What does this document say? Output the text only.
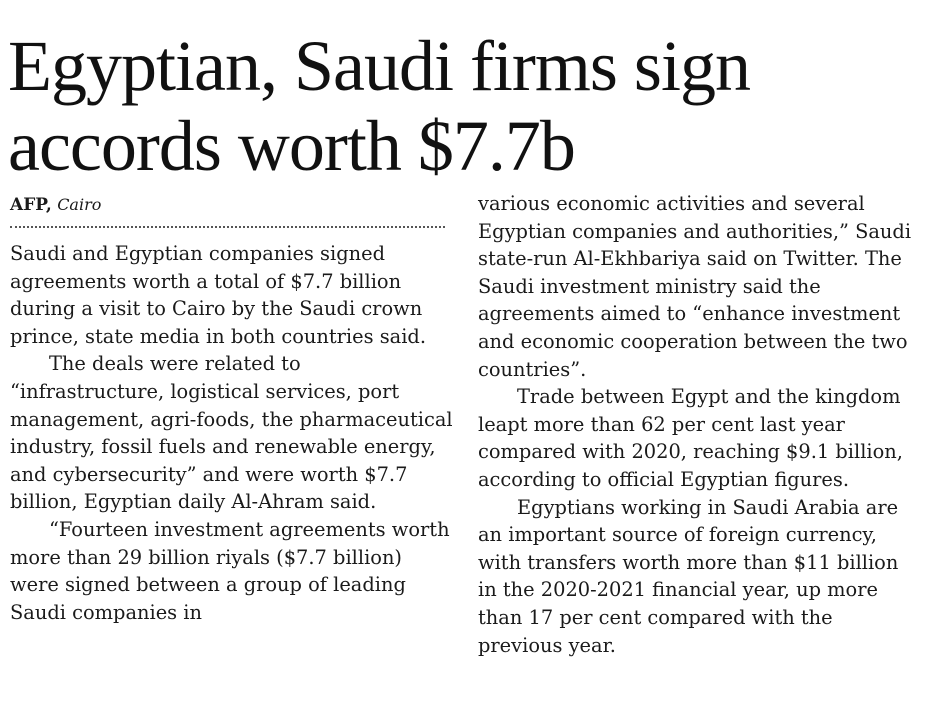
Egyptian, Saudi firms sign accords worth $7.7b
AFP, Cairo

Saudi and Egyptian companies signed agreements worth a total of $7.7 billion during a visit to Cairo by the Saudi crown prince, state media in both countries said.

The deals were related to “infrastructure, logistical services, port management, agri-foods, the pharmaceutical industry, fossil fuels and renewable energy, and cybersecurity” and were worth $7.7 billion, Egyptian daily Al-Ahram said.

“Fourteen investment agreements worth more than 29 billion riyals ($7.7 billion) were signed between a group of leading Saudi companies in

various economic activities and several Egyptian companies and authorities,” Saudi state-run Al-Ekhbariya said on Twitter. The Saudi investment ministry said the agreements aimed to “enhance investment and economic cooperation between the two countries”.

Trade between Egypt and the kingdom leapt more than 62 per cent last year compared with 2020, reaching $9.1 billion, according to official Egyptian figures.

Egyptians working in Saudi Arabia are an important source of foreign currency, with transfers worth more than $11 billion in the 2020-2021 financial year, up more than 17 per cent compared with the previous year.
